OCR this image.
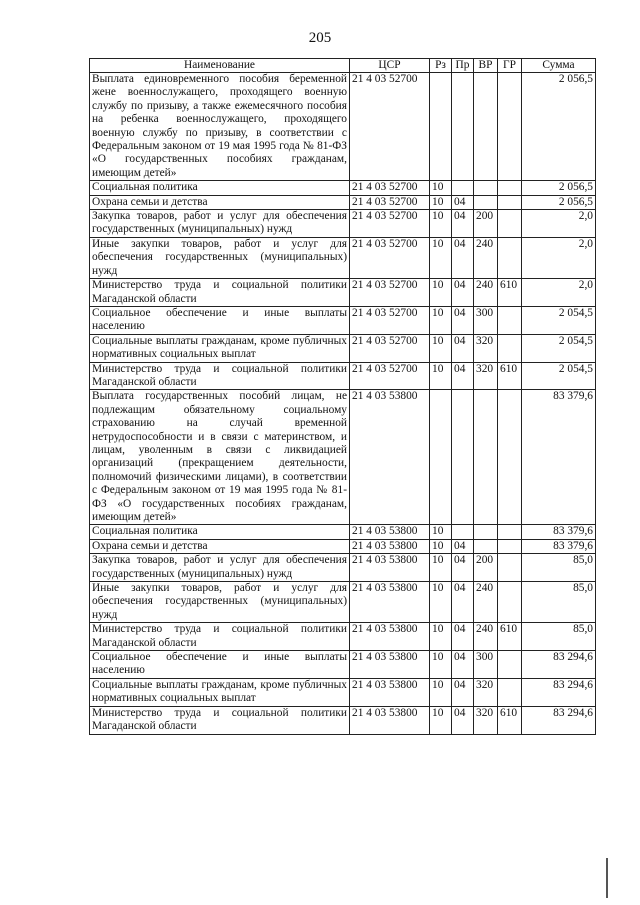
205
Наименование	ЦСР	Рз	Пр	ВР	ГР	Сумма
Выплата единовременного пособия беременной жене военнослужащего, проходящего военную службу по призыву, а также ежемесячного пособия на ребенка военнослужащего, проходящего военную службу по призыву, в соответствии с Федеральным законом от 19 мая 1995 года № 81-ФЗ «О государственных пособиях гражданам, имеющим детей»	21 4 03 52700					2 056,5
Социальная политика	21 4 03 52700	10				2 056,5
Охрана семьи и детства	21 4 03 52700	10	04			2 056,5
Закупка товаров, работ и услуг для обеспечения государственных (муниципальных) нужд	21 4 03 52700	10	04	200		2,0
Иные закупки товаров, работ и услуг для обеспечения государственных (муниципальных) нужд	21 4 03 52700	10	04	240		2,0
Министерство труда и социальной политики Магаданской области	21 4 03 52700	10	04	240	610	2,0
Социальное обеспечение и иные выплаты населению	21 4 03 52700	10	04	300		2 054,5
Социальные выплаты гражданам, кроме публичных нормативных социальных выплат	21 4 03 52700	10	04	320		2 054,5
Министерство труда и социальной политики Магаданской области	21 4 03 52700	10	04	320	610	2 054,5
Выплата государственных пособий лицам, не подлежащим обязательному социальному страхованию на случай временной нетрудоспособности и в связи с материнством, и лицам, уволенным в связи с ликвидацией организаций (прекращением деятельности, полномочий физическими лицами), в соответствии с Федеральным законом от 19 мая 1995 года № 81-ФЗ «О государственных пособиях гражданам, имеющим детей»	21 4 03 53800					83 379,6
Социальная политика	21 4 03 53800	10				83 379,6
Охрана семьи и детства	21 4 03 53800	10	04			83 379,6
Закупка товаров, работ и услуг для обеспечения государственных (муниципальных) нужд	21 4 03 53800	10	04	200		85,0
Иные закупки товаров, работ и услуг для обеспечения государственных (муниципальных) нужд	21 4 03 53800	10	04	240		85,0
Министерство труда и социальной политики Магаданской области	21 4 03 53800	10	04	240	610	85,0
Социальное обеспечение и иные выплаты населению	21 4 03 53800	10	04	300		83 294,6
Социальные выплаты гражданам, кроме публичных нормативных социальных выплат	21 4 03 53800	10	04	320		83 294,6
Министерство труда и социальной политики Магаданской области	21 4 03 53800	10	04	320	610	83 294,6
